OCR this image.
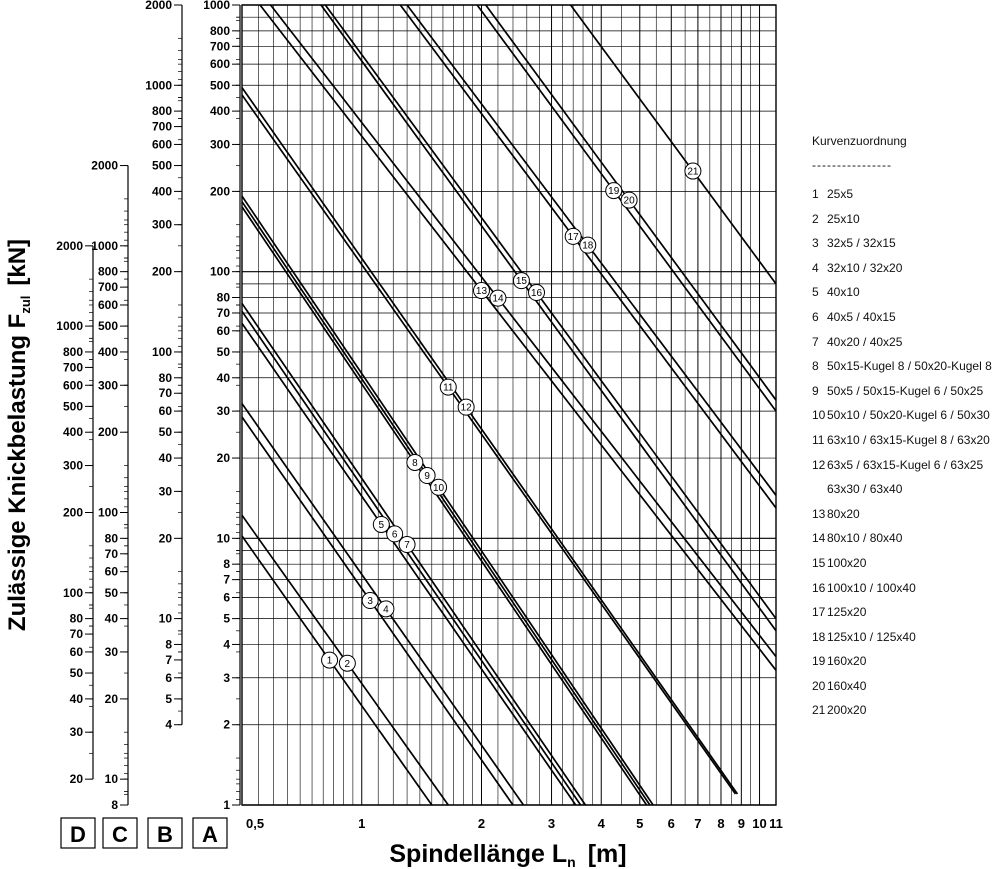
1 2
3
4
5
6
7
8
9
10
11
12
13
14
15
16
17
18
19
20
21
0,5	1	2	3	4 5 6 7 8 9 10 11
1
2
3
4
5
6
7
8
10
20
30
40
50
60
70
80
100
200
300
400
500
600
700
800
1000
4
5
6
7
8
10
20
30
40
50
60
70
80
100
200
300
400
500
600
700
800
1000
2000
8
10
20
30
40
50
60
70
80
100
200
300
400
500
600
700
800
1000
2000
20
30
40
50
60
70
80
100
200
300
400
500
600
700
800
1000
2000
D C B A
Zulässige Knickbelastung $F_{zul}[kN]$
Spindellänge $L_n$ [m]
Kurvenzuordnung
----------------
1 25x5
2 25x10
3 32x5 / 32x15
4 32x10 / 32x20
5 40x10
6 40x5 / 40x15
7 40x20 / 40x25
8 50x15-Kugel 8 / 50x20-Kugel 8
9 50x5 / 50x15-Kugel 6 / 50x25
10 50x10 / 50x20-Kugel 6 / 50x30
11 63x10 / 63x15-Kugel 8 / 63x20
12 63x5 / 63x15-Kugel 6 / 63x25
63x30 / 63x40
13 80x20
14 80x10 / 80x40
15 100x20
16 100x10 / 100x40
17 125x20
18 125x10 / 125x40
19 160x20
20 160x40
21 200x20
